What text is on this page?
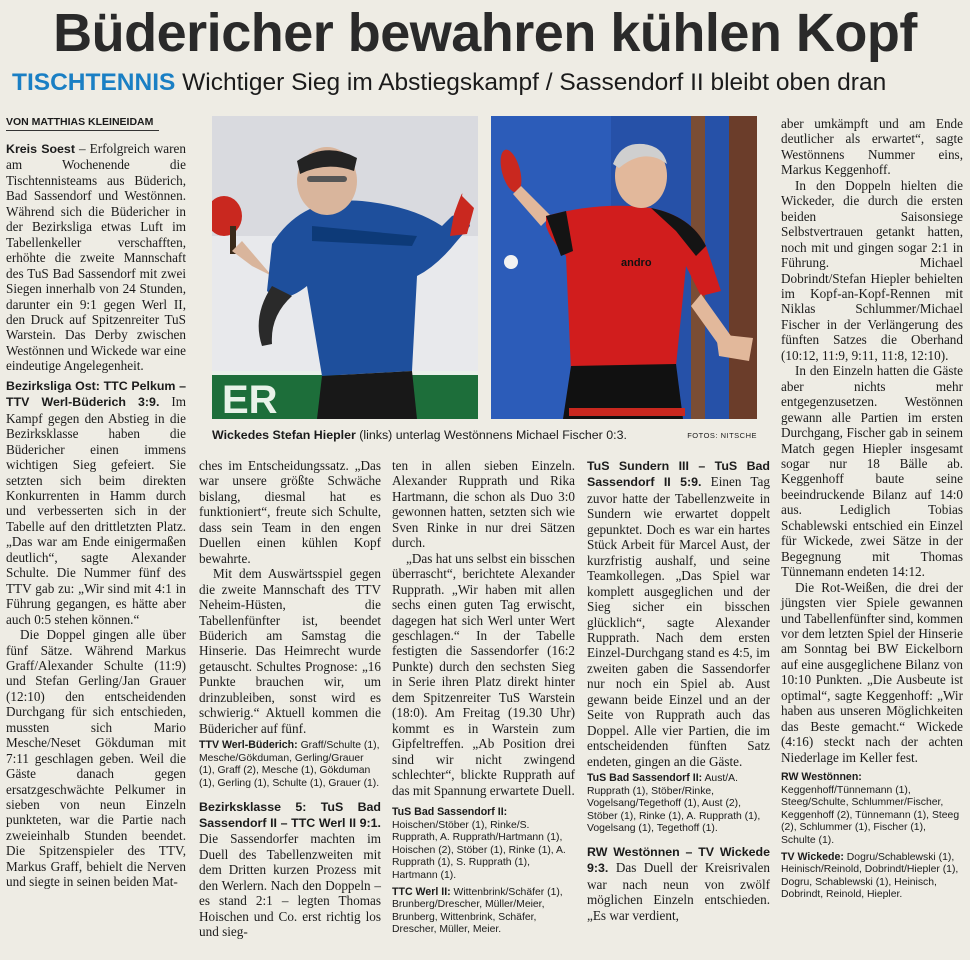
Büdericher bewahren kühlen Kopf
TISCHTENNIS Wichtiger Sieg im Abstiegskampf / Sassendorf II bleibt oben dran
VON MATTHIAS KLEINEIDAM
ER
andro
Wickedes Stefan Hiepler (links) unterlag Westönnens Michael Fischer 0:3.	FOTOS: NITSCHE

Kreis Soest – Erfolgreich waren am Wochenende die Tischtennisteams aus Büderich, Bad Sassendorf und Westönnen. Während sich die Büdericher in der Bezirksliga etwas Luft im Tabellenkeller verschafften, erhöhte die zweite Mannschaft des TuS Bad Sassendorf mit zwei Siegen innerhalb von 24 Stunden, darunter ein 9:1 gegen Werl II, den Druck auf Spitzenreiter TuS Warstein. Das Derby zwischen Westönnen und Wickede war eine eindeutige Angelegenheit.

Bezirksliga Ost: TTC Pelkum – TTV Werl-Büderich 3:9. Im Kampf gegen den Abstieg in die Bezirksklasse haben die Büdericher einen immens wichtigen Sieg gefeiert. Sie setzten sich beim direkten Konkurrenten in Hamm durch und verbesserten sich in der Tabelle auf den drittletzten Platz. „Das war am Ende einigermaßen deutlich“, sagte Alexander Schulte. Die Nummer fünf des TTV gab zu: „Wir sind mit 4:1 in Führung gegangen, es hätte aber auch 0:5 stehen können.“

Die Doppel gingen alle über fünf Sätze. Während Markus Graff/Alexander Schulte (11:9) und Stefan Gerling/Jan Grauer (12:10) den entscheidenden Durchgang für sich entschieden, mussten sich Mario Mesche/Neset Gökduman mit 7:11 geschlagen geben. Weil die Gäste danach gegen ersatzgeschwächte Pelkumer in sieben von neun Einzeln punkteten, war die Partie nach zweieinhalb Stunden beendet. Die Spitzenspieler des TTV, Markus Graff, behielt die Nerven und siegte in seinen beiden Mat-

ches im Entscheidungssatz. „Das war unsere größte Schwäche bislang, diesmal hat es funktioniert“, freute sich Schulte, dass sein Team in den engen Duellen einen kühlen Kopf bewahrte.

Mit dem Auswärtsspiel gegen die zweite Mannschaft des TTV Neheim-Hüsten, die Tabellenfünfter ist, beendet Büderich am Samstag die Hinserie. Das Heimrecht wurde getauscht. Schultes Prognose: „16 Punkte brauchen wir, um drinzubleiben, sonst wird es schwierig.“ Aktuell kommen die Büdericher auf fünf.

TTV Werl-Büderich: Graff/Schulte (1), Mesche/Gökduman, Gerling/Grauer (1), Graff (2), Mesche (1), Gökduman (1), Gerling (1), Schulte (1), Grauer (1).

Bezirksklasse 5: TuS Bad Sassendorf II – TTC Werl II 9:1. Die Sassendorfer machten im Duell des Tabellenzweiten mit dem Dritten kurzen Prozess mit den Werlern. Nach den Doppeln – es stand 2:1 – legten Thomas Hoischen und Co. erst richtig los und sieg-

ten in allen sieben Einzeln. Alexander Rupprath und Rika Hartmann, die schon als Duo 3:0 gewonnen hatten, setzten sich wie Sven Rinke in nur drei Sätzen durch.

„Das hat uns selbst ein bisschen überrascht“, berichtete Alexander Rupprath. „Wir haben mit allen sechs einen guten Tag erwischt, dagegen hat sich Werl unter Wert geschlagen.“ In der Tabelle festigten die Sassendorfer (16:2 Punkte) durch den sechsten Sieg in Serie ihren Platz direkt hinter dem Spitzenreiter TuS Warstein (18:0). Am Freitag (19.30 Uhr) kommt es in Warstein zum Gipfeltreffen. „Ab Position drei sind wir nicht zwingend schlechter“, blickte Rupprath auf das mit Spannung erwartete Duell.

TuS Bad Sassendorf II: Hoischen/Stöber (1), Rinke/S. Rupprath, A. Rupprath/Hartmann (1), Hoischen (2), Stöber (1), Rinke (1), A. Rupprath (1), S. Rupprath (1), Hartmann (1).

TTC Werl II: Wittenbrink/Schäfer (1), Brunberg/Drescher, Müller/Meier, Brunberg, Wittenbrink, Schäfer, Drescher, Müller, Meier.

TuS Sundern III – TuS Bad Sassendorf II 5:9. Einen Tag zuvor hatte der Tabellenzweite in Sundern wie erwartet doppelt gepunktet. Doch es war ein hartes Stück Arbeit für Marcel Aust, der kurzfristig aushalf, und seine Teamkollegen. „Das Spiel war komplett ausgeglichen und der Sieg sicher ein bisschen glücklich“, sagte Alexander Rupprath. Nach dem ersten Einzel-Durchgang stand es 4:5, im zweiten gaben die Sassendorfer nur noch ein Spiel ab. Aust gewann beide Einzel und an der Seite von Rupprath auch das Doppel. Alle vier Partien, die im entscheidenden fünften Satz endeten, gingen an die Gäste.

TuS Bad Sassendorf II: Aust/A. Rupprath (1), Stöber/Rinke, Vogelsang/Tegethoff (1), Aust (2), Stöber (1), Rinke (1), A. Rupprath (1), Vogelsang (1), Tegethoff (1).

RW Westönnen – TV Wickede 9:3. Das Duell der Kreisrivalen war nach neun von zwölf möglichen Einzeln entschieden. „Es war verdient,

aber umkämpft und am Ende deutlicher als erwartet“, sagte Westönnens Nummer eins, Markus Keggenhoff.

In den Doppeln hielten die Wickeder, die durch die ersten beiden Saisonsiege Selbstvertrauen getankt hatten, noch mit und gingen sogar 2:1 in Führung. Michael Dobrindt/Stefan Hiepler behielten im Kopf-an-Kopf-Rennen mit Niklas Schlummer/Michael Fischer in der Verlängerung des fünften Satzes die Oberhand (10:12, 11:9, 9:11, 11:8, 12:10).

In den Einzeln hatten die Gäste aber nichts mehr entgegenzusetzen. Westönnen gewann alle Partien im ersten Durchgang, Fischer gab in seinem Match gegen Hiepler insgesamt sogar nur 18 Bälle ab. Keggenhoff baute seine beeindruckende Bilanz auf 14:0 aus. Lediglich Tobias Schablewski entschied ein Einzel für Wickede, zwei Sätze in der Begegnung mit Thomas Tünnemann endeten 14:12.

Die Rot-Weißen, die drei der jüngsten vier Spiele gewannen und Tabellenfünfter sind, kommen vor dem letzten Spiel der Hinserie am Sonntag bei BW Eickelborn auf eine ausgeglichene Bilanz von 10:10 Punkten. „Die Ausbeute ist optimal“, sagte Keggenhoff: „Wir haben aus unseren Möglichkeiten das Beste gemacht.“ Wickede (4:16) steckt nach der achten Niederlage im Keller fest.

RW Westönnen: Keggenhoff/Tünnemann (1), Steeg/Schulte, Schlummer/Fischer, Keggenhoff (2), Tünnemann (1), Steeg (2), Schlummer (1), Fischer (1), Schulte (1).

TV Wickede: Dogru/Schablewski (1), Heinisch/Reinold, Dobrindt/Hiepler (1), Dogru, Schablewski (1), Heinisch, Dobrindt, Reinold, Hiepler.
